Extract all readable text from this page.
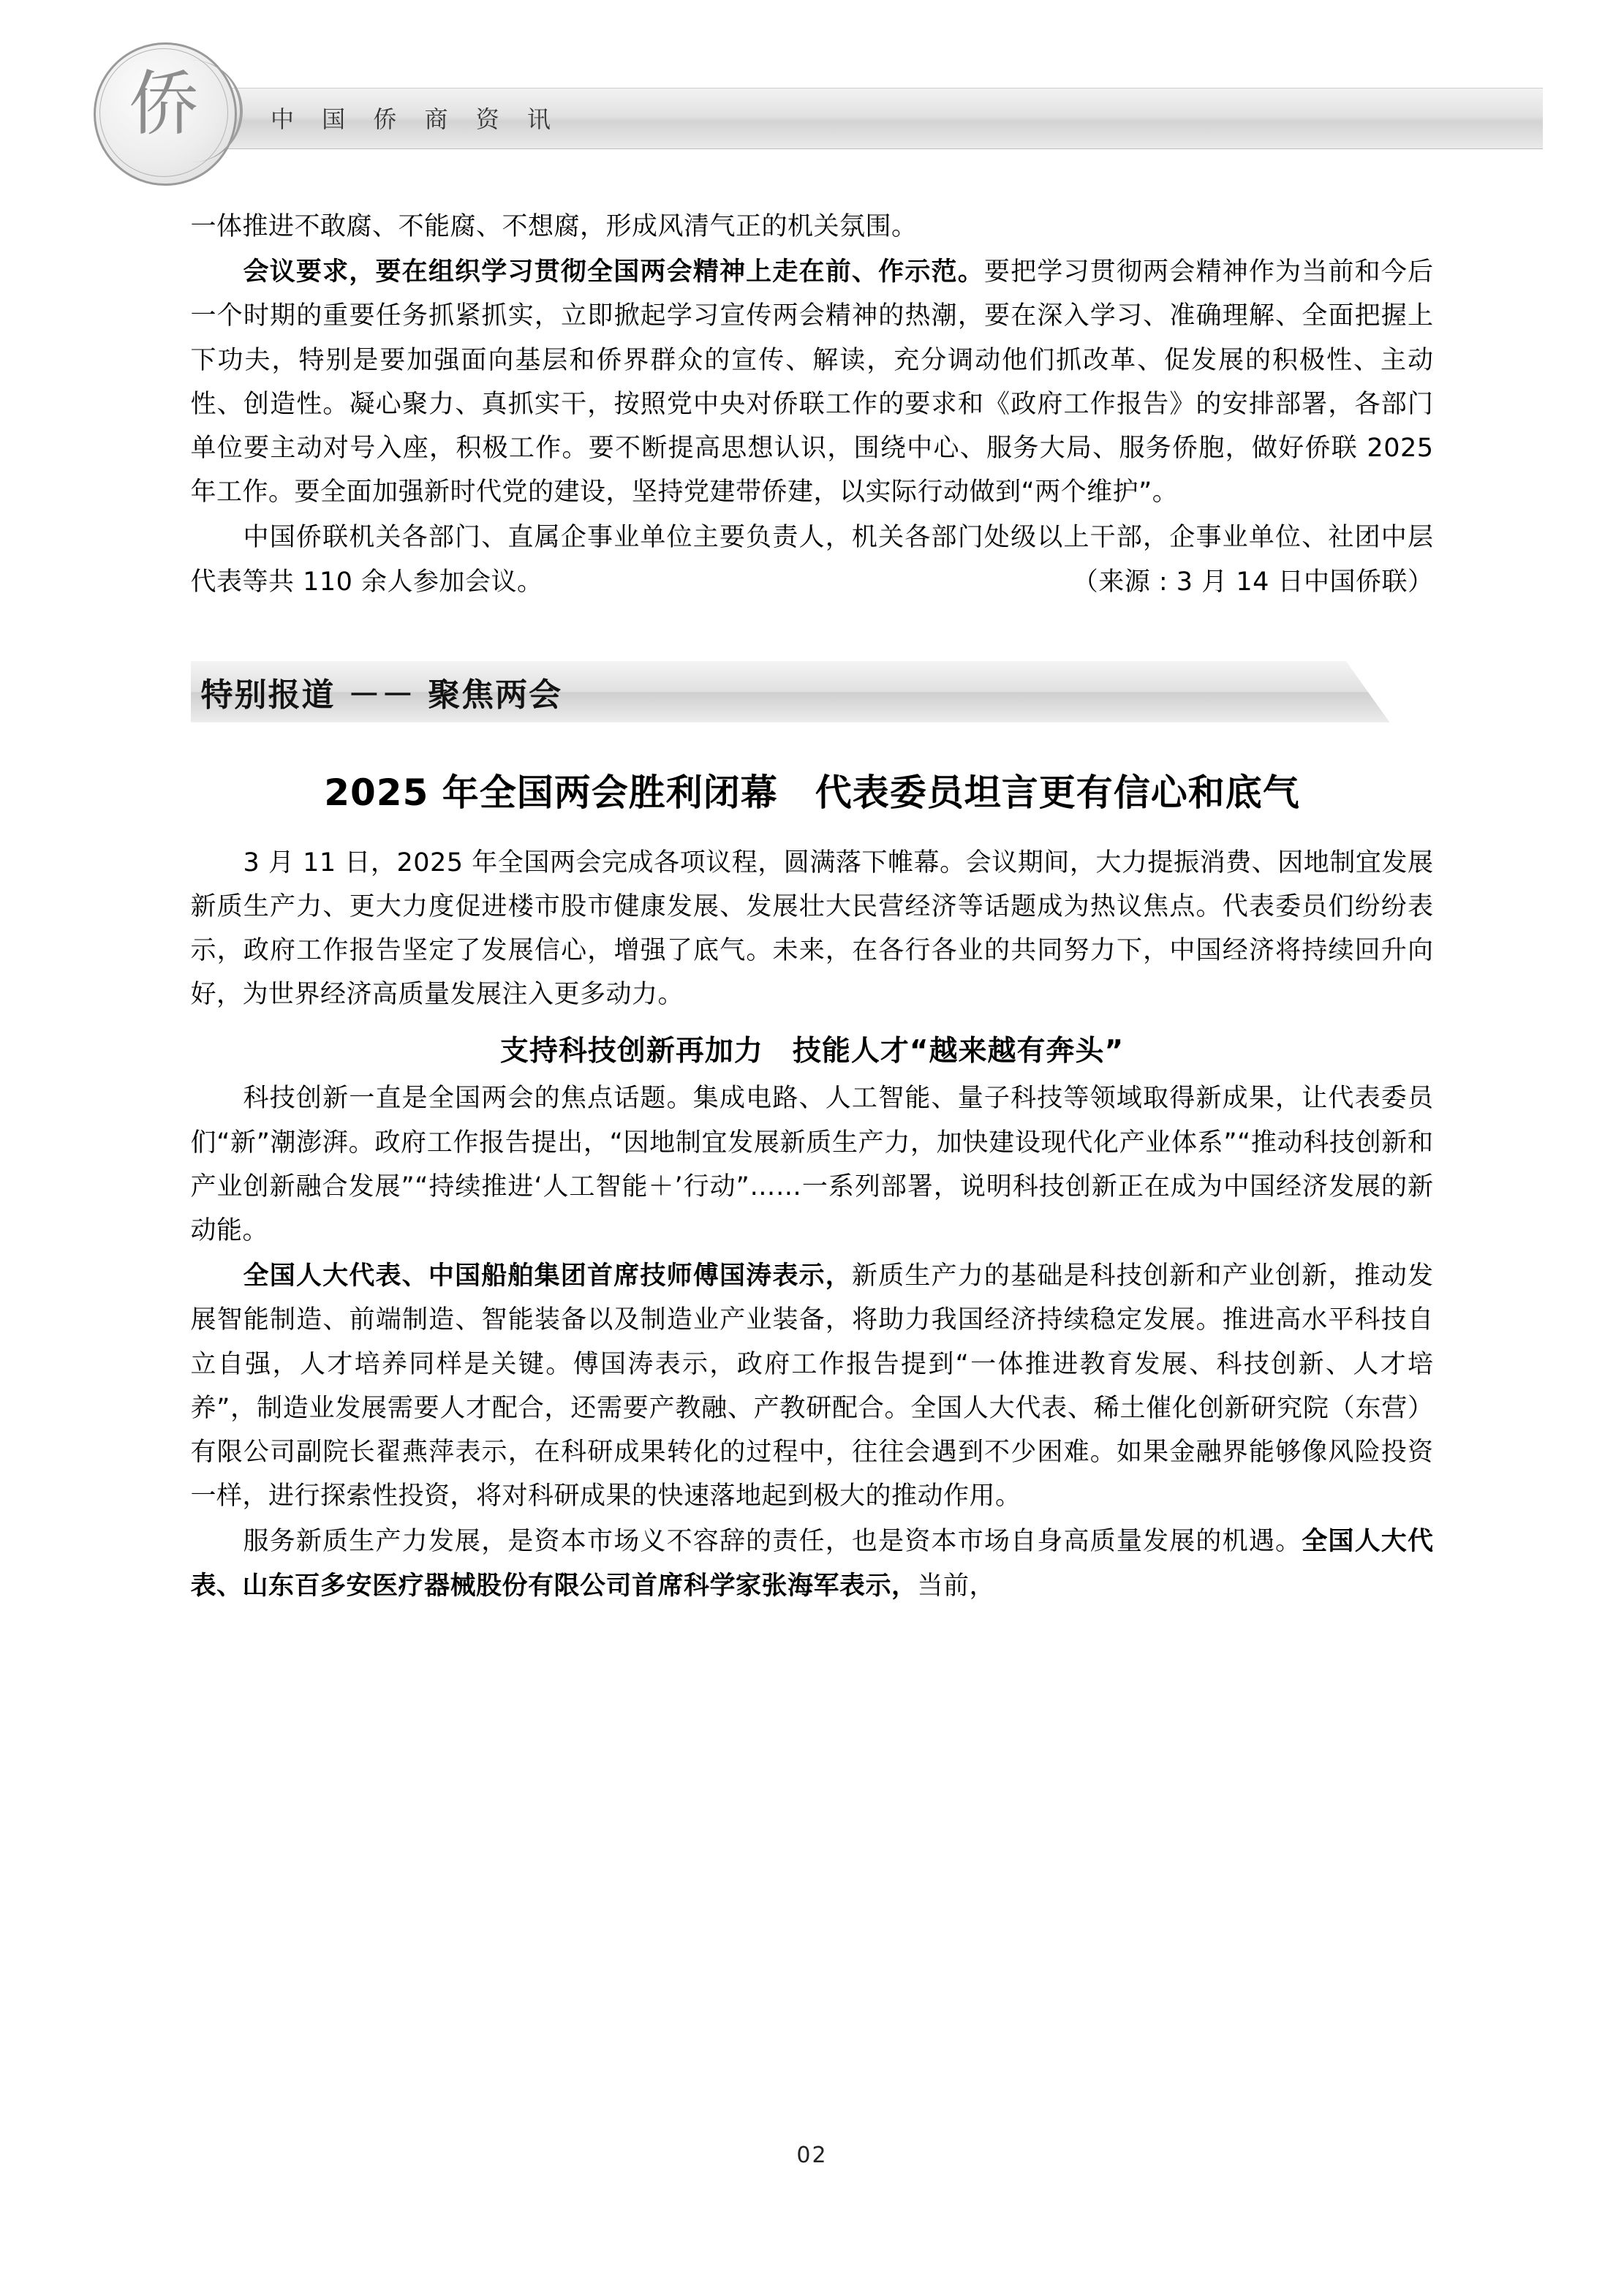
中 国 侨 商 资 讯
侨

一体推进不敢腐、不能腐、不想腐，形成风清气正的机关氛围。

会议要求，要在组织学习贯彻全国两会精神上走在前、作示范。要把学习贯彻两会精神作为当前和今后一个时期的重要任务抓紧抓实，立即掀起学习宣传两会精神的热潮，要在深入学习、准确理解、全面把握上下功夫，特别是要加强面向基层和侨界群众的宣传、解读，充分调动他们抓改革、促发展的积极性、主动性、创造性。凝心聚力、真抓实干，按照党中央对侨联工作的要求和《政府工作报告》的安排部署，各部门单位要主动对号入座，积极工作。要不断提高思想认识，围绕中心、服务大局、服务侨胞，做好侨联 2025 年工作。要全面加强新时代党的建设，坚持党建带侨建，以实际行动做到“两个维护”。

中国侨联机关各部门、直属企事业单位主要负责人，机关各部门处级以上干部，企事业单位、社团中层代表等共 110 余人参加会议。	（来源 : 3 月 14 日中国侨联）

特别报道 －－ 聚焦两会
2025 年全国两会胜利闭幕　代表委员坦言更有信心和底气

3 月 11 日，2025 年全国两会完成各项议程，圆满落下帷幕。会议期间，大力提振消费、因地制宜发展新质生产力、更大力度促进楼市股市健康发展、发展壮大民营经济等话题成为热议焦点。代表委员们纷纷表示，政府工作报告坚定了发展信心，增强了底气。未来，在各行各业的共同努力下，中国经济将持续回升向好，为世界经济高质量发展注入更多动力。

支持科技创新再加力　技能人才“越来越有奔头”

科技创新一直是全国两会的焦点话题。集成电路、人工智能、量子科技等领域取得新成果，让代表委员们“新”潮澎湃。政府工作报告提出，“因地制宜发展新质生产力，加快建设现代化产业体系”“推动科技创新和产业创新融合发展”“持续推进‘人工智能＋’行动”……一系列部署，说明科技创新正在成为中国经济发展的新动能。

全国人大代表、中国船舶集团首席技师傅国涛表示，新质生产力的基础是科技创新和产业创新，推动发展智能制造、前端制造、智能装备以及制造业产业装备，将助力我国经济持续稳定发展。推进高水平科技自立自强，人才培养同样是关键。傅国涛表示，政府工作报告提到“一体推进教育发展、科技创新、人才培养”，制造业发展需要人才配合，还需要产教融、产教研配合。全国人大代表、稀土催化创新研究院（东营）有限公司副院长翟燕萍表示，在科研成果转化的过程中，往往会遇到不少困难。如果金融界能够像风险投资一样，进行探索性投资，将对科研成果的快速落地起到极大的推动作用。

服务新质生产力发展，是资本市场义不容辞的责任，也是资本市场自身高质量发展的机遇。全国人大代表、山东百多安医疗器械股份有限公司首席科学家张海军表示，当前，

02
